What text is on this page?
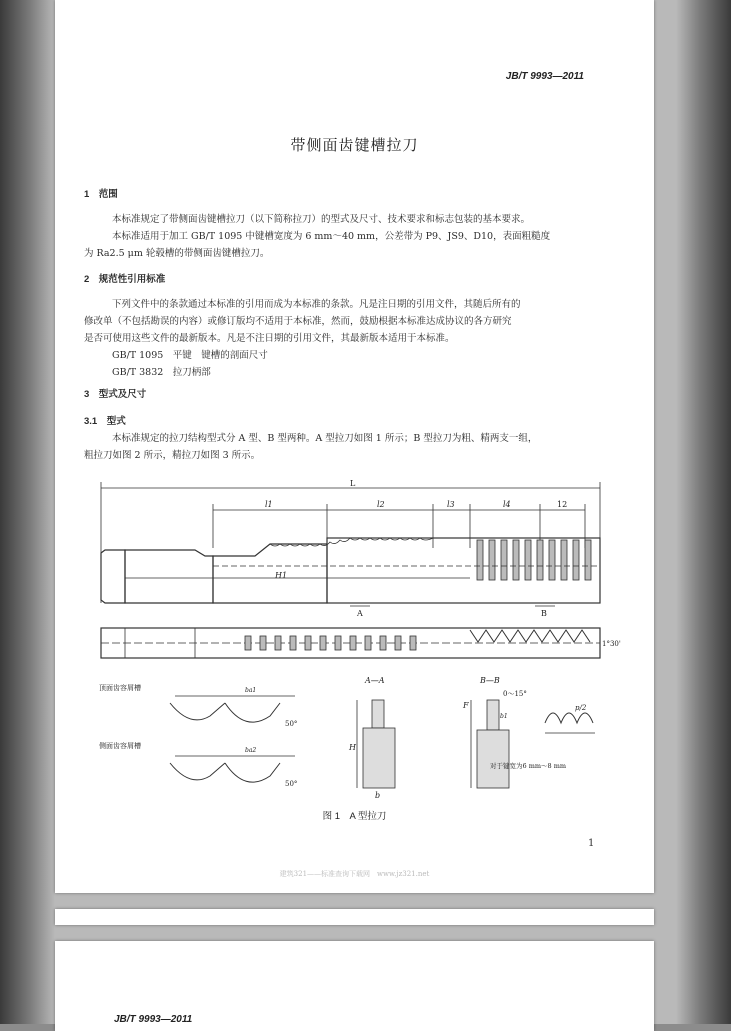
JB/T 9993—2011
带侧面齿键槽拉刀
1　范围
本标准规定了带侧面齿键槽拉刀（以下简称拉刀）的型式及尺寸、技术要求和标志包装的基本要求。
本标准适用于加工 GB/T 1095 中键槽宽度为 6 mm～40 mm，公差带为 P9、JS9、D10，表面粗糙度
为 Ra2.5 μm 轮毂槽的带侧面齿键槽拉刀。
2　规范性引用标准
下列文件中的条款通过本标准的引用而成为本标准的条款。凡是注日期的引用文件，其随后所有的
修改单（不包括勘误的内容）或修订版均不适用于本标准，然而，鼓励根据本标准达成协议的各方研究
是否可使用这些文件的最新版本。凡是不注日期的引用文件，其最新版本适用于本标准。
GB/T 1095　平键　键槽的剖面尺寸
GB/T 3832　拉刀柄部
3　型式及尺寸
3.1　型式
本标准规定的拉刀结构型式分 A 型、B 型两种。A 型拉刀如图 1 所示；B 型拉刀为粗、精两支一组，
粗拉刀如图 2 所示，精拉刀如图 3 所示。
L
l1	l2	l3	l4	12
A	B
H1
1°30'
顶面齿容屑槽
侧面齿容屑槽
50°
50°
A—A	B—B
0～15°
p/2
H
b
F
ba1
ba2
b1
对于键宽为6 mm～8 mm
图 1　A 型拉刀
1
建筑321——标准查询下载网　www.jz321.net
JB/T 9993—2011
